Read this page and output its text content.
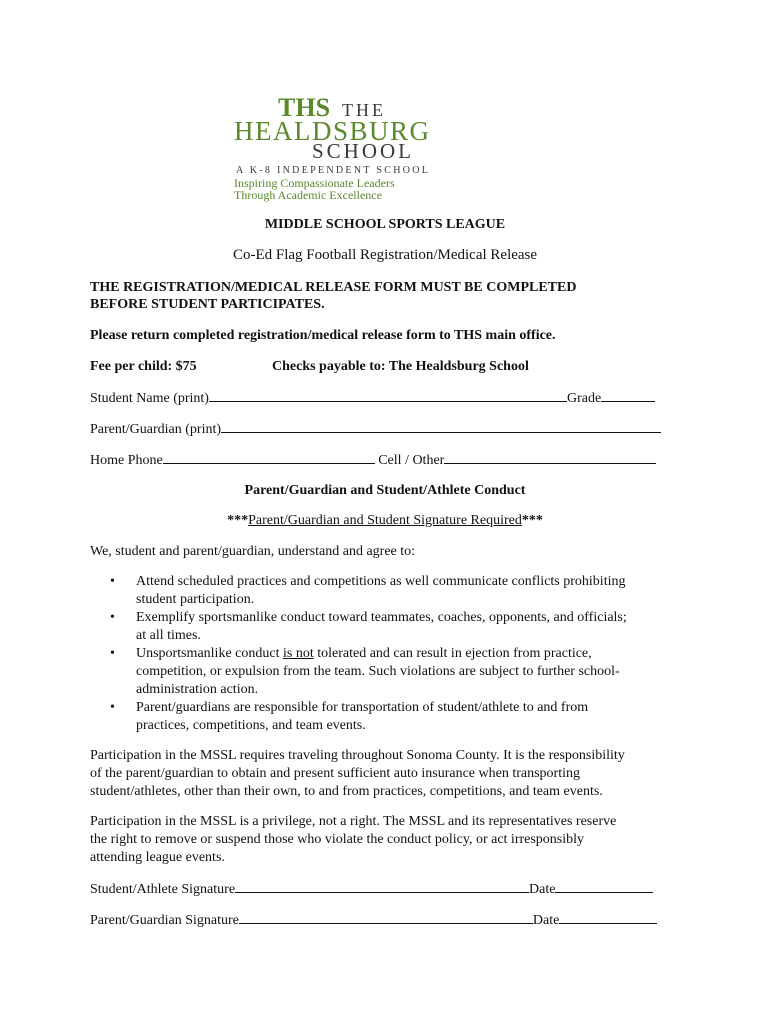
THS THE
HEALDSBURG
SCHOOL
A K-8 INDEPENDENT SCHOOL
Inspiring Compassionate Leaders
Through Academic Excellence
MIDDLE SCHOOL SPORTS LEAGUE
Co-Ed Flag Football Registration/Medical Release
THE REGISTRATION/MEDICAL RELEASE FORM MUST BE COMPLETED
BEFORE STUDENT PARTICIPATES.
Please return completed registration/medical release form to THS main office.
Fee per child: $75	Checks payable to: The Healdsburg School
Student Name (print)	Grade
Parent/Guardian (print)
Home Phone	Cell / Other
Parent/Guardian and Student/Athlete Conduct
***Parent/Guardian and Student Signature Required***
We, student and parent/guardian, understand and agree to:
• Attend scheduled practices and competitions as well communicate conflicts prohibiting
student participation.
• Exemplify sportsmanlike conduct toward teammates, coaches, opponents, and officials;
at all times.
• Unsportsmanlike conduct is not tolerated and can result in ejection from practice,
competition, or expulsion from the team. Such violations are subject to further school-
administration action.
• Parent/guardians are responsible for transportation of student/athlete to and from
practices, competitions, and team events.
Participation in the MSSL requires traveling throughout Sonoma County. It is the responsibility
of the parent/guardian to obtain and present sufficient auto insurance when transporting
student/athletes, other than their own, to and from practices, competitions, and team events.
Participation in the MSSL is a privilege, not a right. The MSSL and its representatives reserve
the right to remove or suspend those who violate the conduct policy, or act irresponsibly
attending league events.
Student/Athlete Signature	Date
Parent/Guardian Signature	Date
